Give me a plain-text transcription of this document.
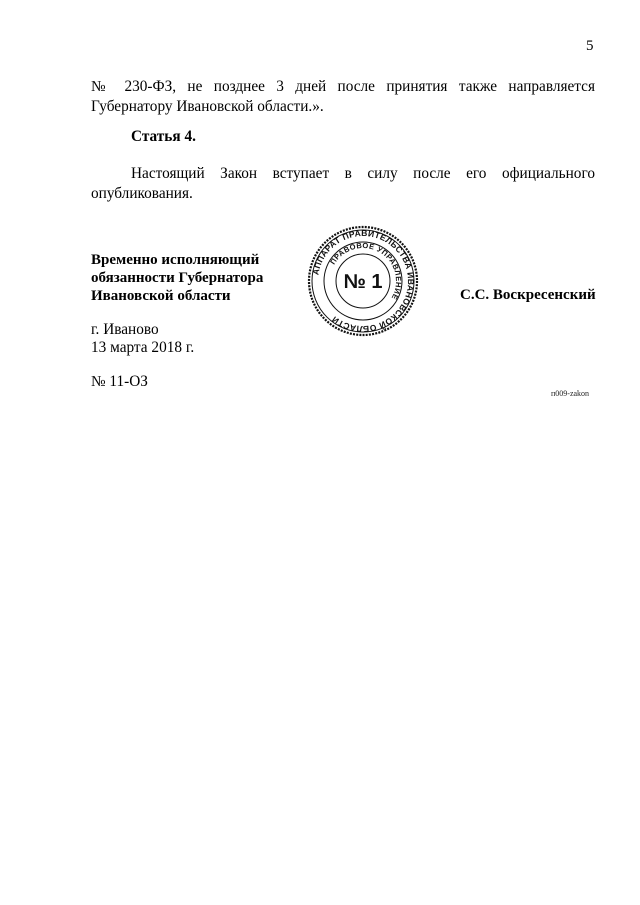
5
№ 230-ФЗ, не позднее 3 дней после принятия также направляется
Губернатору Ивановской области.».
Статья 4.
Настоящий Закон вступает в силу после его официального
опубликования.
Временно исполняющий
обязанности Губернатора
Ивановской области
АППАРАТ ПРАВИТЕЛЬСТВА ИВАНОВСКОЙ ОБЛАСТИ
ПРАВОВОЕ УПРАВЛЕНИЕ
№ 1
С.С. Воскресенский
г. Иваново
13 марта 2018 г.
№ 11-ОЗ
п009-zakon
